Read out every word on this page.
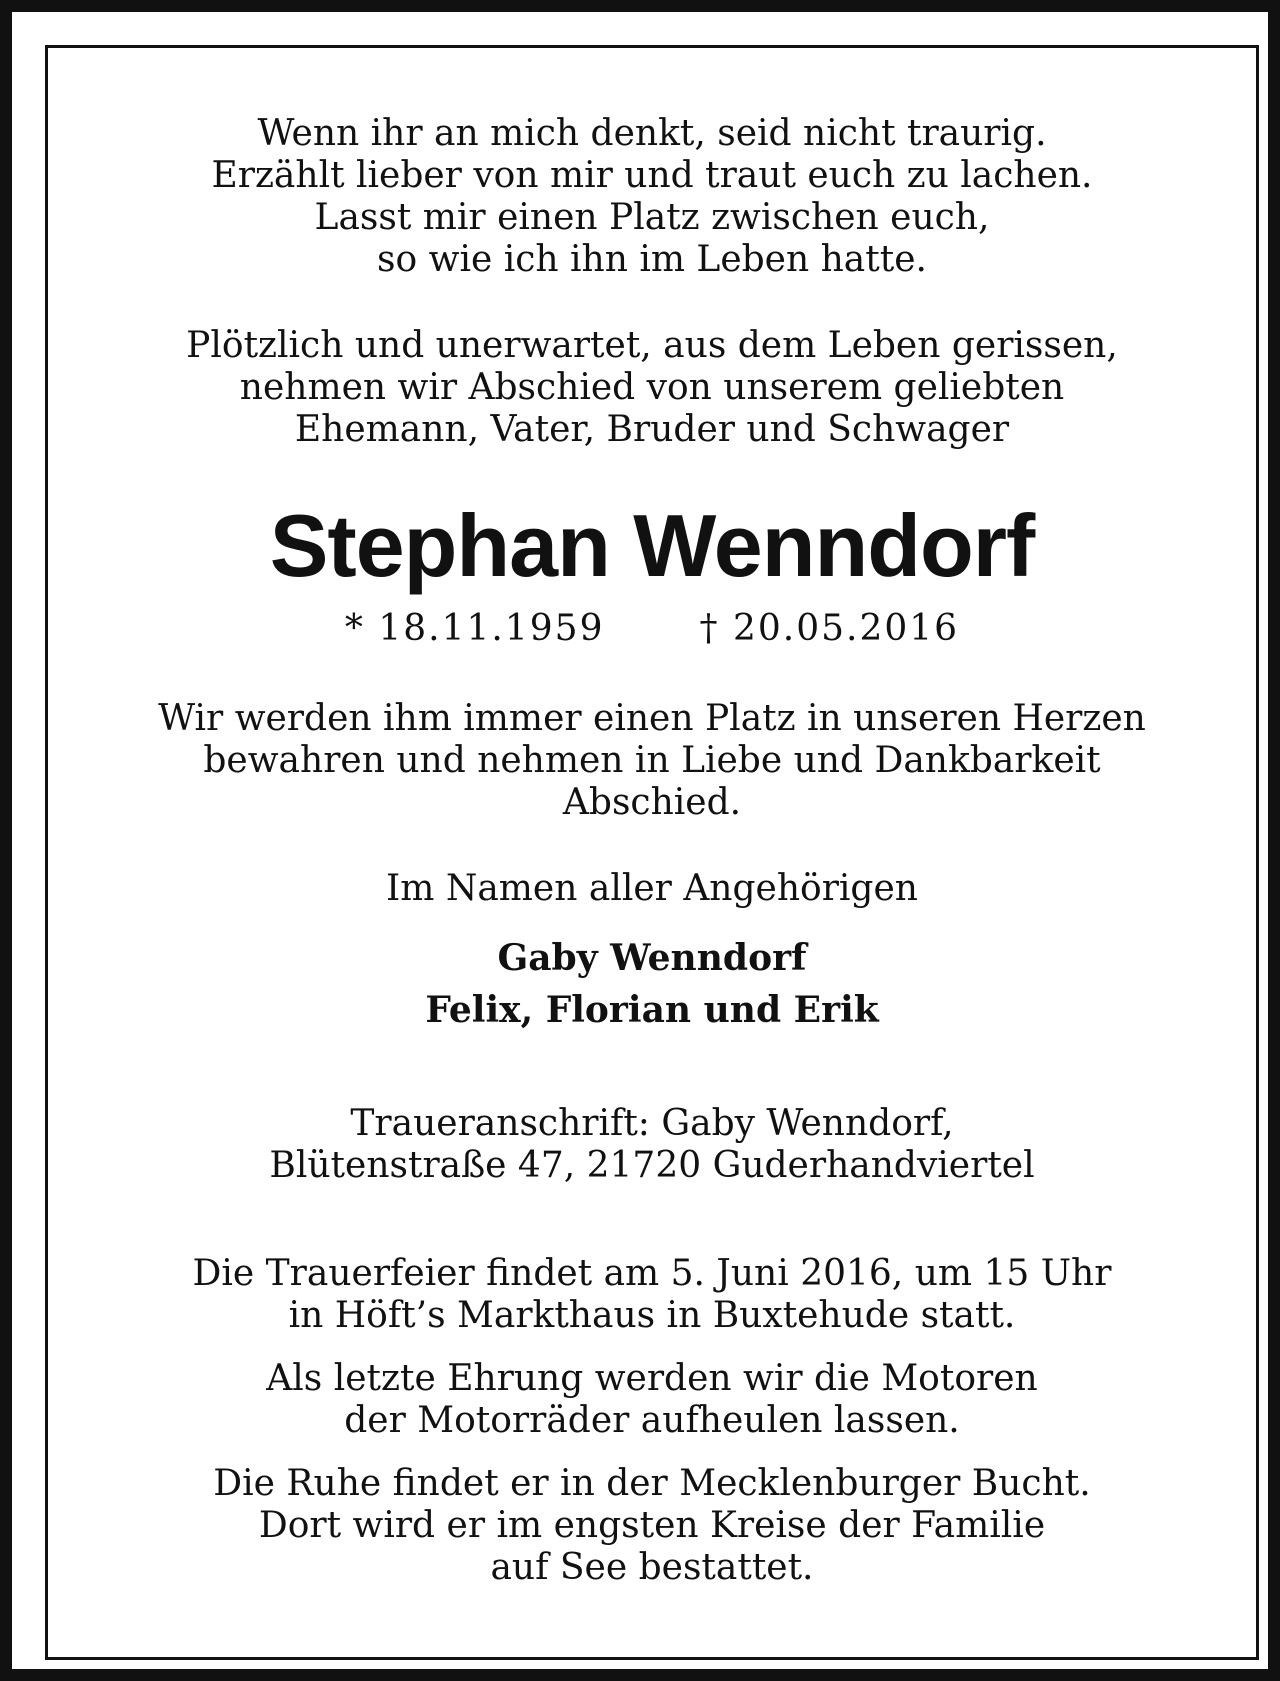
Wenn ihr an mich denkt, seid nicht traurig.
Erzählt lieber von mir und traut euch zu lachen.
Lasst mir einen Platz zwischen euch,
so wie ich ihn im Leben hatte.
Plötzlich und unerwartet, aus dem Leben gerissen,
nehmen wir Abschied von unserem geliebten
Ehemann, Vater, Bruder und Schwager
Stephan Wenndorf
* 18.11.1959	† 20.05.2016
Wir werden ihm immer einen Platz in unseren Herzen
bewahren und nehmen in Liebe und Dankbarkeit
Abschied.
Im Namen aller Angehörigen
Gaby Wenndorf
Felix, Florian und Erik
Traueranschrift: Gaby Wenndorf,
Blütenstraße 47, 21720 Guderhandviertel
Die Trauerfeier findet am 5. Juni 2016, um 15 Uhr
in Höft’s Markthaus in Buxtehude statt.
Als letzte Ehrung werden wir die Motoren
der Motorräder aufheulen lassen.
Die Ruhe findet er in der Mecklenburger Bucht.
Dort wird er im engsten Kreise der Familie
auf See bestattet.
